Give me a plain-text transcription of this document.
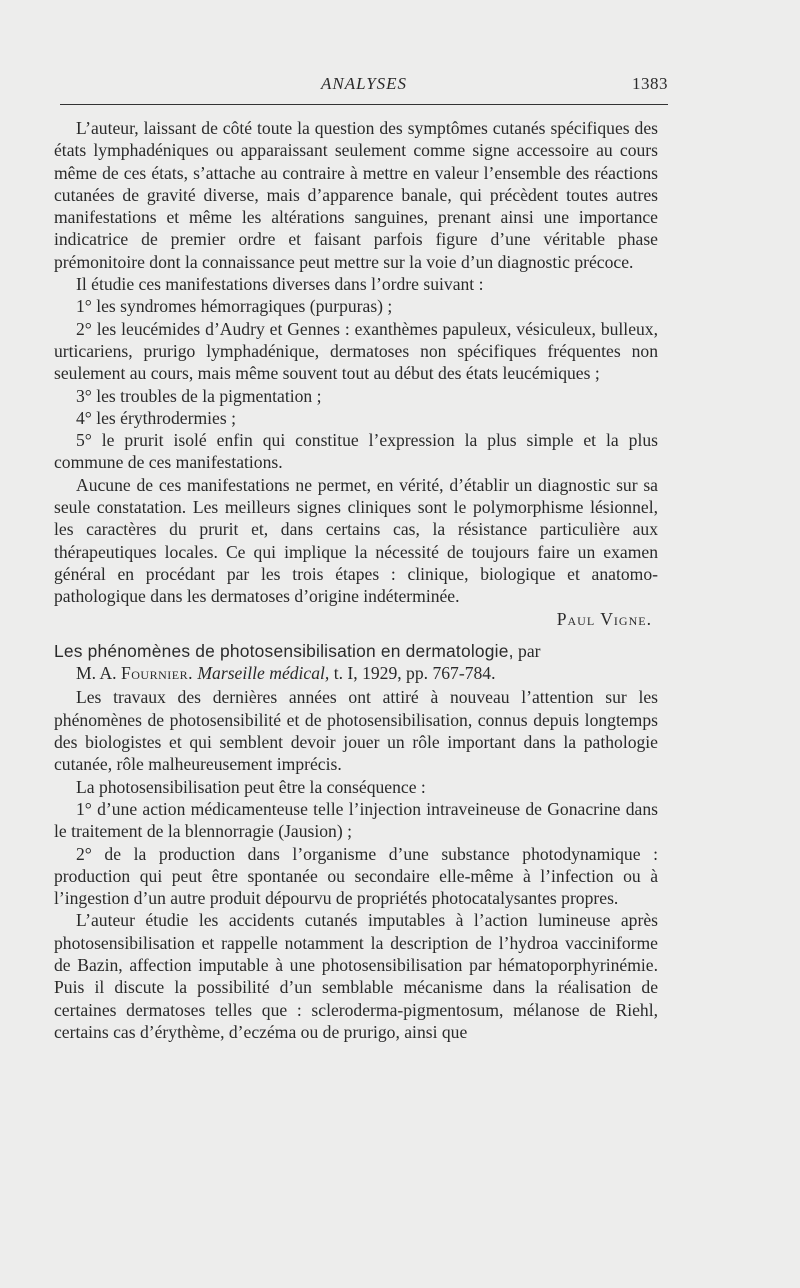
ANALYSES	1383

L’auteur, laissant de côté toute la question des symptômes cutanés spécifiques des états lymphadéniques ou apparaissant seulement comme signe accessoire au cours même de ces états, s’attache au contraire à mettre en valeur l’ensemble des réactions cutanées de gravité diverse, mais d’apparence banale, qui précèdent toutes autres manifestations et même les altérations sanguines, prenant ainsi une importance indicatrice de premier ordre et faisant parfois figure d’une véritable phase prémonitoire dont la connaissance peut mettre sur la voie d’un diagnostic précoce.

Il étudie ces manifestations diverses dans l’ordre suivant :

1° les syndromes hémorragiques (purpuras) ;

2° les leucémides d’Audry et Gennes : exanthèmes papuleux, vésiculeux, bulleux, urticariens, prurigo lymphadénique, dermatoses non spécifiques fréquentes non seulement au cours, mais même souvent tout au début des états leucémiques ;

3° les troubles de la pigmentation ;

4° les érythrodermies ;

5° le prurit isolé enfin qui constitue l’expression la plus simple et la plus commune de ces manifestations.

Aucune de ces manifestations ne permet, en vérité, d’établir un diagnostic sur sa seule constatation. Les meilleurs signes cliniques sont le polymorphisme lésionnel, les caractères du prurit et, dans certains cas, la résistance particulière aux thérapeutiques locales. Ce qui implique la nécessité de toujours faire un examen général en procédant par les trois étapes : clinique, biologique et anatomo-pathologique dans les dermatoses d’origine indéterminée.

Paul Vigne.

Les phénomènes de photosensibilisation en dermatologie, par
M. A. Fournier. Marseille médical, t. I, 1929, pp. 767-784.

Les travaux des dernières années ont attiré à nouveau l’attention sur les phénomènes de photosensibilité et de photosensibilisation, connus depuis longtemps des biologistes et qui semblent devoir jouer un rôle important dans la pathologie cutanée, rôle malheureusement imprécis.

La photosensibilisation peut être la conséquence :

1° d’une action médicamenteuse telle l’injection intraveineuse de Gonacrine dans le traitement de la blennorragie (Jausion) ;

2° de la production dans l’organisme d’une substance photodynamique : production qui peut être spontanée ou secondaire elle-même à l’infection ou à l’ingestion d’un autre produit dépourvu de propriétés photocatalysantes propres.

L’auteur étudie les accidents cutanés imputables à l’action lumineuse après photosensibilisation et rappelle notamment la description de l’hydroa vacciniforme de Bazin, affection imputable à une photosensibilisation par hématoporphyrinémie. Puis il discute la possibilité d’un semblable mécanisme dans la réalisation de certaines dermatoses telles que : scleroderma-pigmentosum, mélanose de Riehl, certains cas d’érythème, d’eczéma ou de prurigo, ainsi que
